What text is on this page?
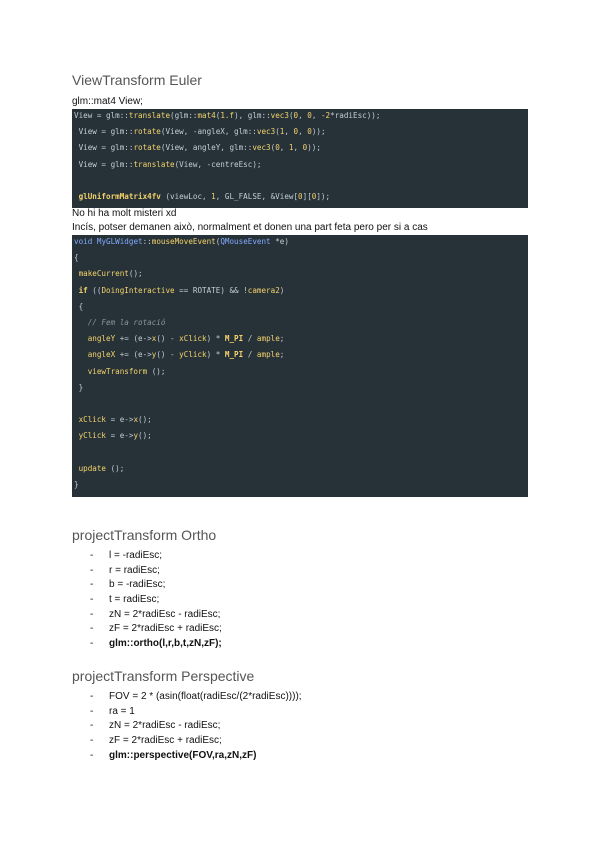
ViewTransform Euler
glm::mat4 View;
View = glm::translate(glm::mat4(1.f), glm::vec3(0, 0, -2*radiEsc));
View = glm::rotate(View, -angleX, glm::vec3(1, 0, 0));
View = glm::rotate(View, angleY, glm::vec3(0, 1, 0));
View = glm::translate(View, -centreEsc);
glUniformMatrix4fv (viewLoc, 1, GL_FALSE, &View[0][0]);
No hi ha molt misteri xd
Incís, potser demanen això, normalment et donen una part feta pero per si a cas
void MyGLWidget::mouseMoveEvent(QMouseEvent *e)
{
makeCurrent();
if ((DoingInteractive == ROTATE) && !camera2)
{
// Fem la rotació
angleY += (e->x() - xClick) * M_PI / ample;
angleX += (e->y() - yClick) * M_PI / ample;
viewTransform ();
}
xClick = e->x();
yClick = e->y();
update ();
}
projectTransform Ortho
- l = -radiEsc;
- r = radiEsc;
- b = -radiEsc;
- t = radiEsc;
- zN = 2*radiEsc - radiEsc;
- zF = 2*radiEsc + radiEsc;
- glm::ortho(l,r,b,t,zN,zF);
projectTransform Perspective
- FOV = 2 * (asin(float(radiEsc/(2*radiEsc))));
- ra = 1
- zN = 2*radiEsc - radiEsc;
- zF = 2*radiEsc + radiEsc;
- glm::perspective(FOV,ra,zN,zF)
